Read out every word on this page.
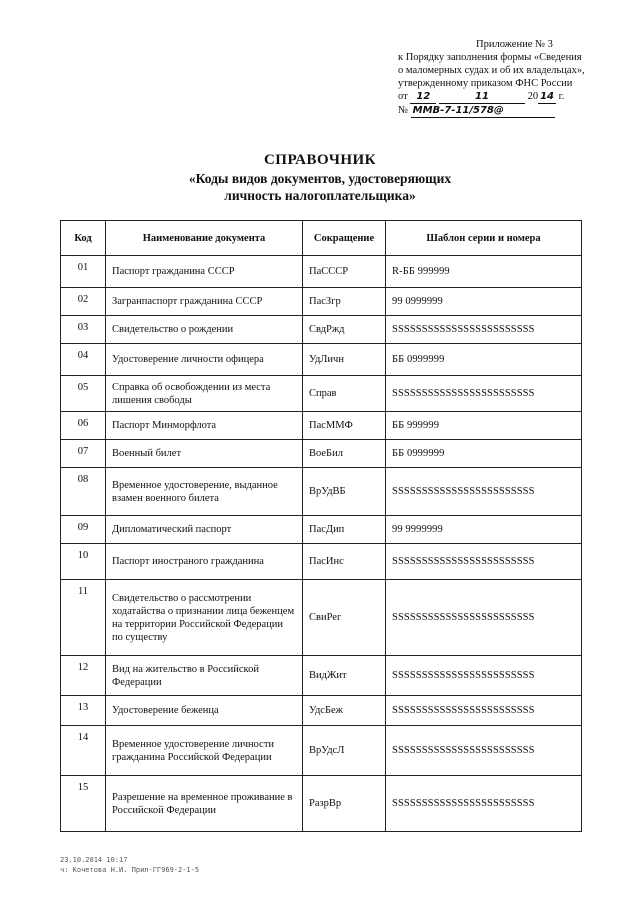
Приложение № 3
к Порядку заполнения формы «Сведения
о маломерных судах и об их владельцах»,
утвержденному приказом ФНС России
от 12	11	20 14 г.
№ ММВ-7-11/578@
СПРАВОЧНИК
«Коды видов документов, удостоверяющих
личность налогоплательщика»
Код	Наименование документа	Сокращение	Шаблон серии и номера
01	Паспорт гражданина СССР	ПаСССР	R-ББ 999999
02	Загранпаспорт гражданина СССР	ПасЗгр	99 0999999
03	Свидетельство о рождении	СвдРжд	SSSSSSSSSSSSSSSSSSSSSSSS
04	Удостоверение личности офицера	УдЛичн	ББ 0999999
05	Справка об освобождении из места лишения свободы	Справ	SSSSSSSSSSSSSSSSSSSSSSSS
06	Паспорт Минморфлота	ПасММФ	ББ 999999
07	Военный билет	ВоеБил	ББ 0999999
08	Временное удостоверение, выданное взамен военного билета	ВрУдВБ	SSSSSSSSSSSSSSSSSSSSSSSS
09	Дипломатический паспорт	ПасДип	99 9999999
10	Паспорт иностраного гражданина	ПасИнс	SSSSSSSSSSSSSSSSSSSSSSSS
11	Свидетельство о рассмотрении ходатайства о признании лица беженцем на территории Российской Федерации по существу	СвиРег	SSSSSSSSSSSSSSSSSSSSSSSS
12	Вид на жительство в Российской Федерации	ВидЖит	SSSSSSSSSSSSSSSSSSSSSSSS
13	Удостоверение беженца	УдсБеж	SSSSSSSSSSSSSSSSSSSSSSSS
14	Временное удостоверение личности гражданина Российской Федерации	ВрУдсЛ	SSSSSSSSSSSSSSSSSSSSSSSS
15	Разрешение на временное проживание в Российской Федерации	РазрВр	SSSSSSSSSSSSSSSSSSSSSSSS
23.10.2014 10:17
ч: Кочетова Н.И. Прил-ГГ969-2-1-5
